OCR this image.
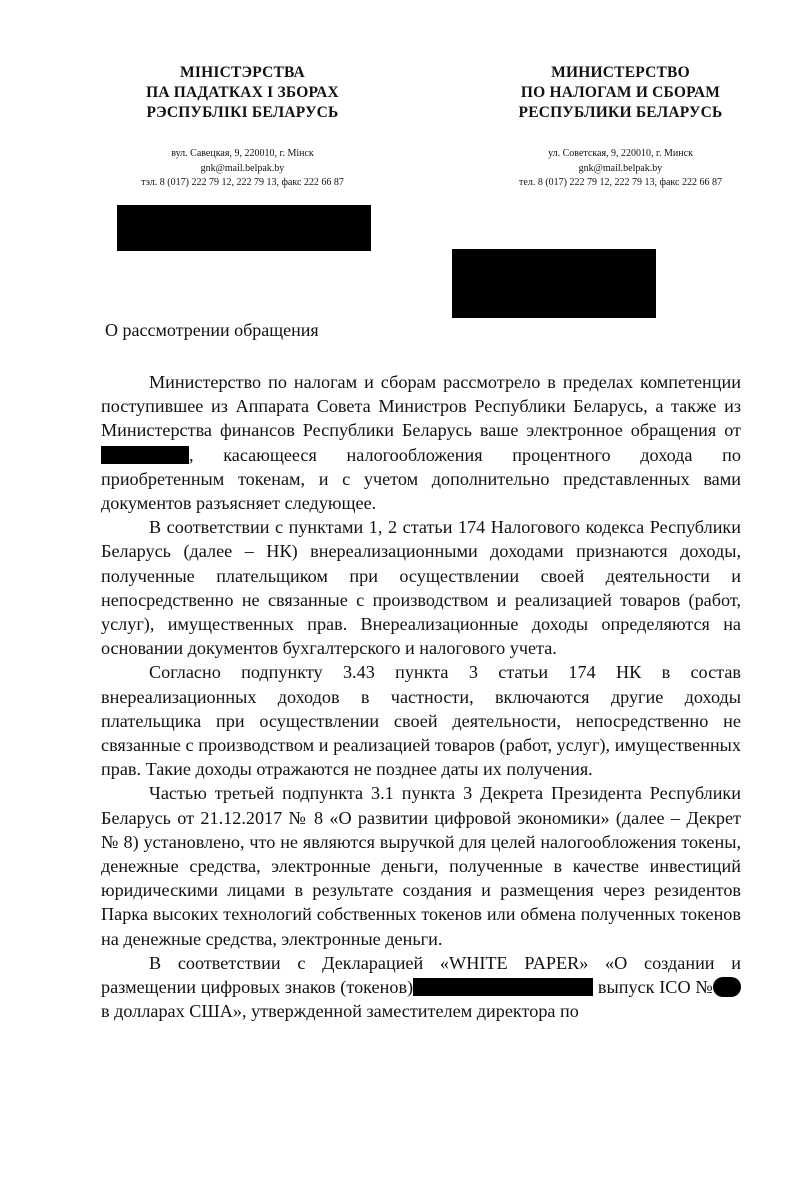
МІНІСТЭРСТВА
ПА ПАДАТКАХ І ЗБОРАХ
РЭСПУБЛІКІ БЕЛАРУСЬ
вул. Савецкая, 9, 220010, г. Мінск
gnk@mail.belpak.by
тэл. 8 (017) 222 79 12, 222 79 13, факс 222 66 87
МИНИСТЕРСТВО
ПО НАЛОГАМ И СБОРАМ
РЕСПУБЛИКИ БЕЛАРУСЬ
ул. Советская, 9, 220010, г. Минск
gnk@mail.belpak.by
тел. 8 (017) 222 79 12, 222 79 13, факс 222 66 87
О рассмотрении обращения

Министерство по налогам и сборам рассмотрело в пределах компетенции поступившее из Аппарата Совета Министров Республики Беларусь, а также из Министерства финансов Республики Беларусь ваше электронное обращения от , касающееся налогообложения процентного дохода по приобретенным токенам, и с учетом дополнительно представленных вами документов разъясняет следующее.

В соответствии с пунктами 1, 2 статьи 174 Налогового кодекса Республики Беларусь (далее – НК) внереализационными доходами признаются доходы, полученные плательщиком при осуществлении своей деятельности и непосредственно не связанные с производством и реализацией товаров (работ, услуг), имущественных прав. Внереализационные доходы определяются на основании документов бухгалтерского и налогового учета.

Согласно подпункту 3.43 пункта 3 статьи 174 НК в состав внереализационных доходов в частности, включаются другие доходы плательщика при осуществлении своей деятельности, непосредственно не связанные с производством и реализацией товаров (работ, услуг), имущественных прав. Такие доходы отражаются не позднее даты их получения.

Частью третьей подпункта 3.1 пункта 3 Декрета Президента Республики Беларусь от 21.12.2017 № 8 «О развитии цифровой экономики» (далее – Декрет № 8) установлено, что не являются выручкой для целей налогообложения токены, денежные средства, электронные деньги, полученные в качестве инвестиций юридическими лицами в результате создания и размещения через резидентов Парка высоких технологий собственных токенов или обмена полученных токенов на денежные средства, электронные деньги.

В соответствии с Декларацией «WHITE PAPER» «О создании и размещении цифровых знаков (токенов)	выпуск ICO № в долларах США», утвержденной заместителем директора по
